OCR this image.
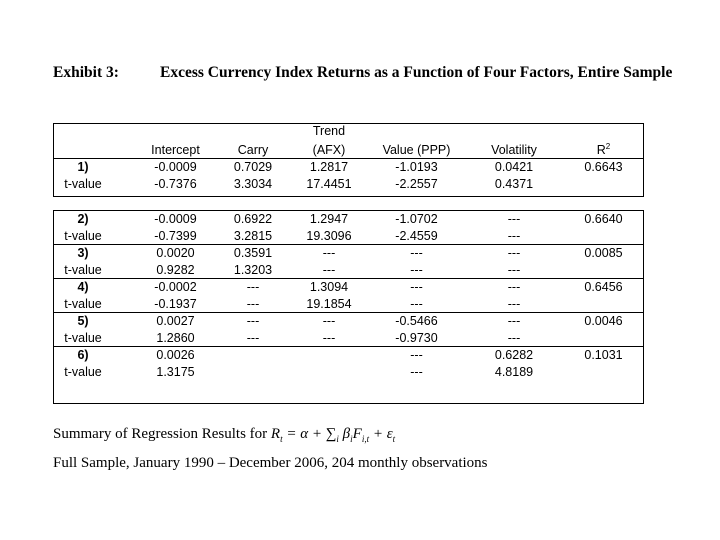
Exhibit 3:	Excess Currency Index Returns as a Function of Four Factors, Entire Sample
			Trend			
	Intercept	Carry	(AFX)	Value (PPP)	Volatility	$R^2$
1)	-0.0009	0.7029	1.2817	-1.0193	0.0421	0.6643
t-value	-0.7376	3.3034	17.4451	-2.2557	0.4371	
2)	-0.0009	0.6922	1.2947	-1.0702	---	0.6640
t-value	-0.7399	3.2815	19.3096	-2.4559	---	
3)	0.0020	0.3591	---	---	---	0.0085
t-value	0.9282	1.3203	---	---	---	
4)	-0.0002	---	1.3094	---	---	0.6456
t-value	-0.1937	---	19.1854	---	---	
5)	0.0027	---	---	-0.5466	---	0.0046
t-value	1.2860	---	---	-0.9730	---	
6)	0.0026			---	0.6282	0.1031
t-value	1.3175			---	4.8189	
Summary of Regression Results for $R_t = \alpha + \sum_i$ $\beta_iF_{i,t} + \varepsilon_t$
Full Sample, January 1990 – December 2006, 204 monthly observations
